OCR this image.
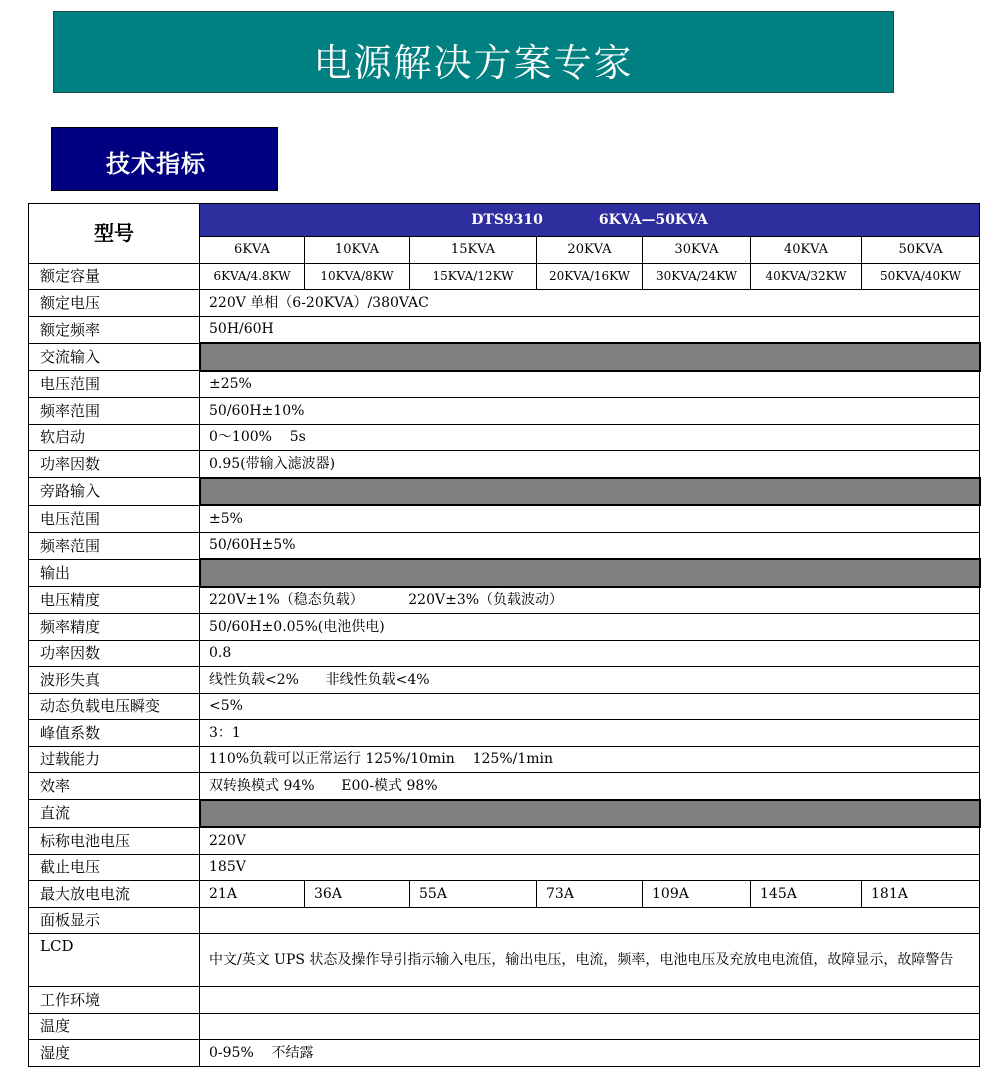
电源解决方案专家
技术指标
型号	DTS9310 6KVA—50KVA						
	6KVA	10KVA	15KVA	20KVA	30KVA	40KVA	50KVA
额定容量	6KVA/4.8KW	10KVA/8KW	15KVA/12KW	20KVA/16KW	30KVA/24KW	40KVA/32KW	50KVA/40KW
额定电压	220V 单相（6-20KVA）/380VAC						
额定频率	50H/60H						
交流输入							
电压范围	±25%						
频率范围	50/60H±10%						
软启动	0～100%    5s						
功率因数	0.95(带输入滤波器)						
旁路输入							
电压范围	±5%						
频率范围	50/60H±5%						
输出							
电压精度	220V±1%（稳态负载）          220V±3%（负载波动）						
频率精度	50/60H±0.05%(电池供电)						
功率因数	0.8						
波形失真	线性负载<2%      非线性负载<4%						
动态负载电压瞬变	<5%						
峰值系数	3：1						
过载能力	110%负载可以正常运行 125%/10min    125%/1min						
效率	双转换模式 94%      E00-模式 98%						
直流							
标称电池电压	220V						
截止电压	185V						
最大放电电流	21A	36A	55A	73A	109A	145A	181A
面板显示							
LCD	中文/英文 UPS 状态及操作导引指示输入电压，输出电压，电流，频率，电池电压及充放电电流值，故障显示，故障警告						
工作环境							
温度							
湿度	0-95%    不结露						
